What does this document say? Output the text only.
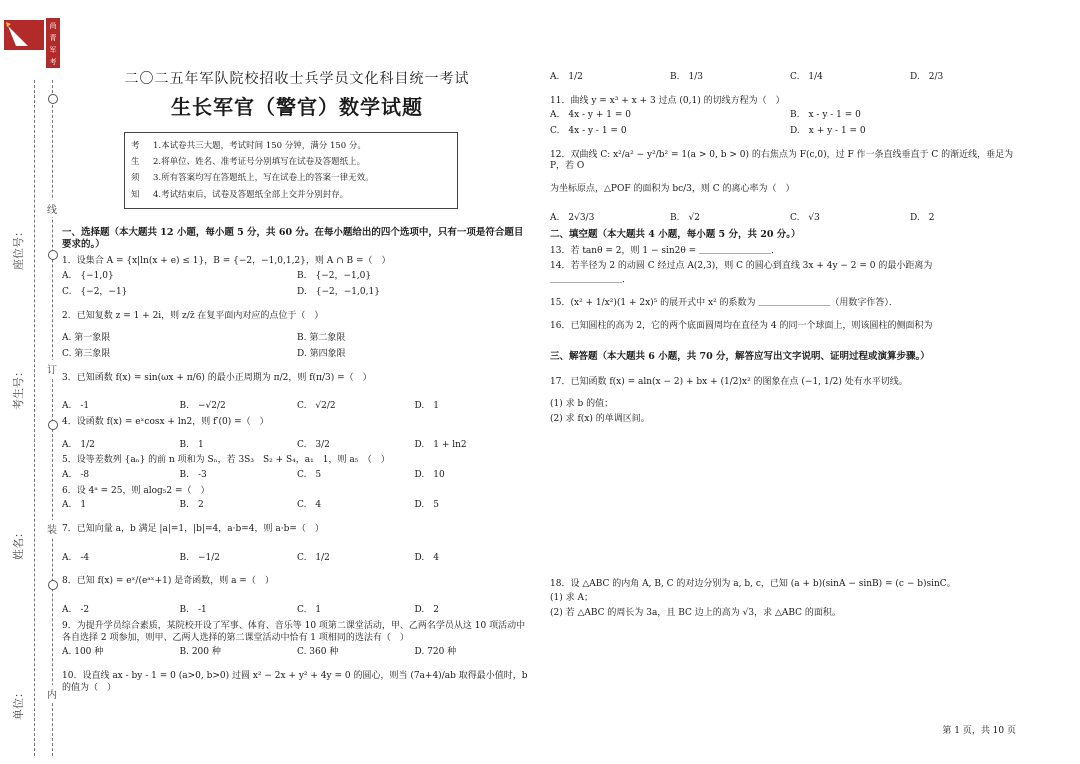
尚
青
军
考
线
订
装
内
单位：
姓名：
考生号：
座位号：
二〇二五年军队院校招收士兵学员文化科目统一考试
生长军官（警官）数学试题
考	1.本试卷共三大题，考试时间 150 分钟，满分 150 分。
生	2.将单位、姓名、准考证号分别填写在试卷及答题纸上。
须	3.所有答案均写在答题纸上，写在试卷上的答案一律无效。
知	4.考试结束后，试卷及答题纸全部上交并分别封存。
一、选择题（本大题共 12 小题，每小题 5 分，共 60 分。在每小题给出的四个选项中，只有一项是符合题目要求的。）
1．设集合 A = {x|ln(x + e) ≤ 1}，B = {−2，−1,0,1,2}，则 A ∩ B =（　）
A.　{−1,0}	B.　{−2，−1,0}
C.　{−2，−1}	D.　{−2，−1,0,1}
2．已知复数 z = 1 + 2i，则 z/z̄ 在复平面内对应的点位于（　）
A. 第一象限	B. 第二象限
C. 第三象限	D. 第四象限
3．已知函数 f(x) = sin(ωx + π/6) 的最小正周期为 π/2，则 f(π/3) =（　）
A.　-1	B.　−√2/2	C.　√2/2	D.　1
4．设函数 f(x) = eˣcosx + ln2，则 f′(0) =（　）
A.　1/2	B.　1	C.　3/2	D.　1 + ln2
5．设等差数列 {aₙ} 的前 n 项和为 Sₙ，若 3S₃　S₂ + S₄，a₁　1，则 a₅　（　）
A.　-8	B.　-3	C.　5	D.　10
6．设 4ᵃ = 25，则 alog₅2 =（　）
A.　1	B.　2	C.　4	D.　5
7．已知向量 a，b 满足 |a|=1，|b|=4，a·b=4，则 a·b=（　）
A.　-4	B.　−1/2	C.　1/2	D.　4
8．已知 f(x) = eˣ/(eᵃˣ+1) 是奇函数，则 a =（　）
A.　-2	B.　-1	C.　1	D.　2
9．为提升学员综合素质，某院校开设了军事、体育、音乐等 10 项第二课堂活动，甲、乙两名学员从这 10 项活动中各自选择 2 项参加，则甲、乙两人选择的第二课堂活动中恰有 1 项相同的选法有（　）
A. 100 种	B. 200 种	C. 360 种	D. 720 种
10．设直线 ax - by - 1 = 0 (a>0, b>0) 过圆 x² − 2x + y² + 4y = 0 的圆心，则当 (7a+4)/ab 取得最小值时，b 的值为（　）
A.　1/2	B.　1/3	C.　1/4	D.　2/3
11．曲线 y = x³ + x + 3 过点 (0,1) 的切线方程为（　）
A.　4x - y + 1 = 0	B.　x - y - 1 = 0
C.　4x - y - 1 = 0	D.　x + y - 1 = 0
12．双曲线 C: x²/a² − y²/b² = 1(a > 0, b > 0) 的右焦点为 F(c,0)，过 F 作一条直线垂直于 C 的渐近线，垂足为 P，若 O
为坐标原点，△POF 的面积为 bc/3，则 C 的离心率为（　）
A.　2√3/3	B.　√2	C.　√3	D.　2
二、填空题（本大题共 4 小题，每小题 5 分，共 20 分。）
13．若 tanθ = 2，则 1 − sin2θ = ＿＿＿＿＿＿＿＿．
14．若半径为 2 的动圆 C 经过点 A(2,3)，则 C 的圆心到直线 3x + 4y − 2 = 0 的最小距离为
＿＿＿＿＿＿＿＿．
15．(x² + 1/x²)(1 + 2x)⁵ 的展开式中 x² 的系数为 ＿＿＿＿＿＿＿＿（用数字作答）．
16．已知圆柱的高为 2，它的两个底面圆周均在直径为 4 的同一个球面上，则该圆柱的侧面积为
三、解答题（本大题共 6 小题，共 70 分，解答应写出文字说明、证明过程或演算步骤。）
17．已知函数 f(x) = aln(x − 2) + bx + (1/2)x² 的图象在点 (−1, 1/2) 处有水平切线。
(1) 求 b 的值；
(2) 求 f(x) 的单调区间。
18．设 △ABC 的内角 A, B, C 的对边分别为 a, b, c，已知 (a + b)(sinA − sinB) = (c − b)sinC。
(1) 求 A；
(2) 若 △ABC 的周长为 3a，且 BC 边上的高为 √3，求 △ABC 的面积。
第 1 页，共 10 页
